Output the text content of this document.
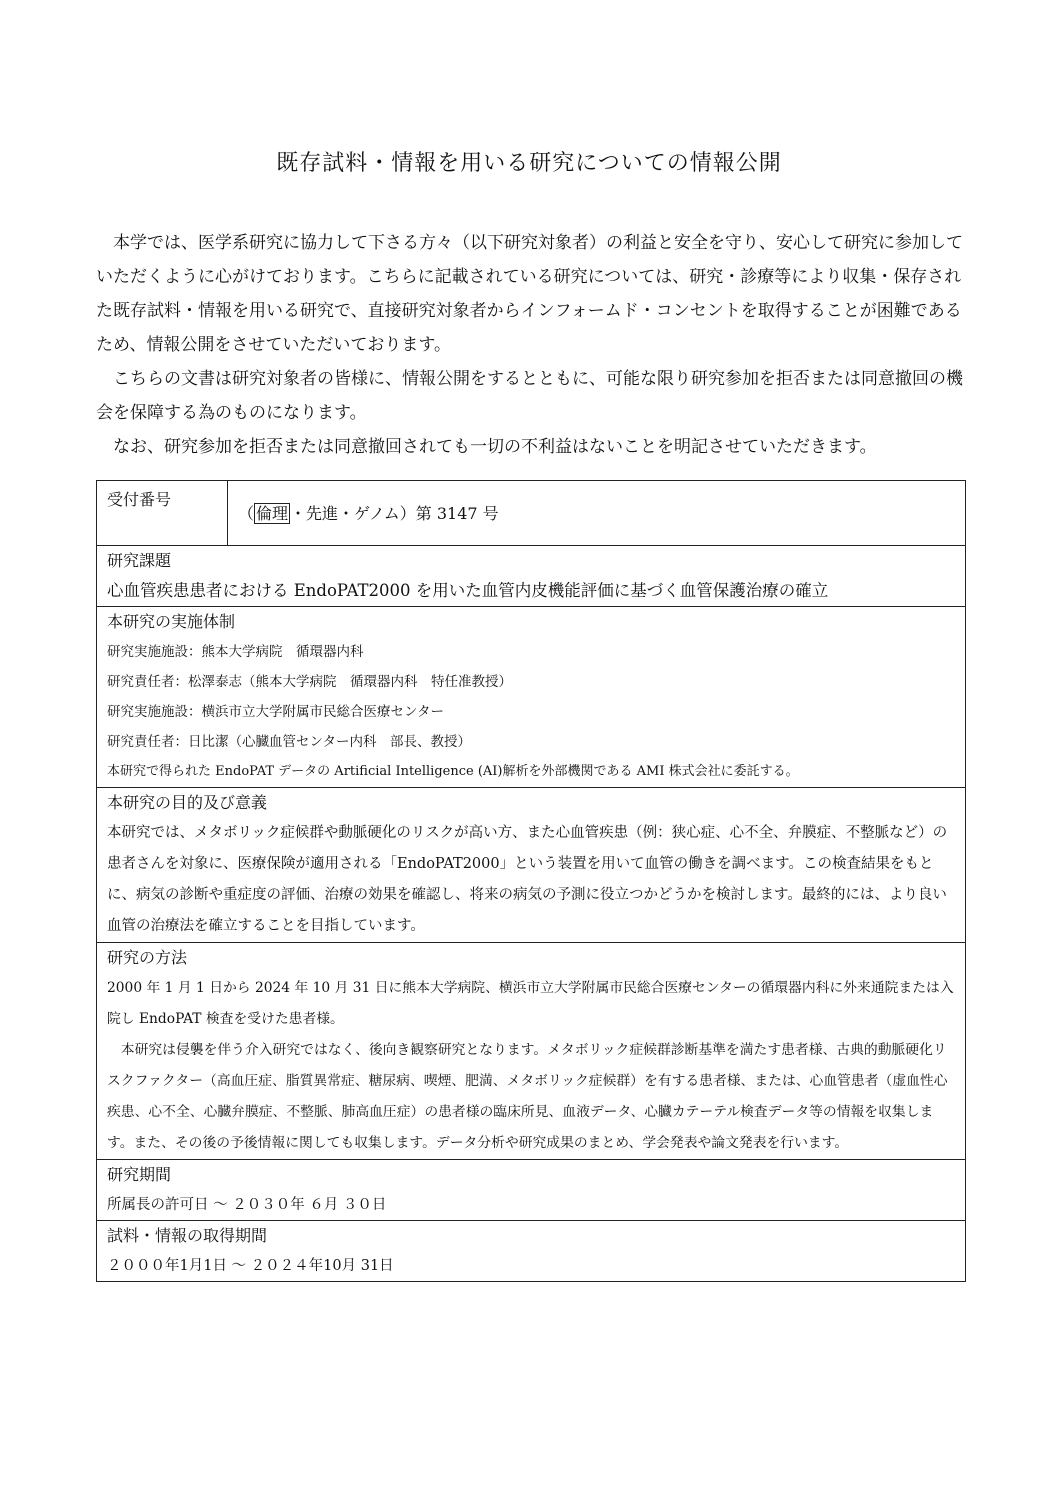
既存試料・情報を用いる研究についての情報公開

本学では、医学系研究に協力して下さる方々（以下研究対象者）の利益と安全を守り、安心して研究に参加していただくように心がけております。こちらに記載されている研究については、研究・診療等により収集・保存された既存試料・情報を用いる研究で、直接研究対象者からインフォームド・コンセントを取得することが困難であるため、情報公開をさせていただいております。

こちらの文書は研究対象者の皆様に、情報公開をするとともに、可能な限り研究参加を拒否または同意撤回の機会を保障する為のものになります。

なお、研究参加を拒否または同意撤回されても一切の不利益はないことを明記させていただきます。

受付番号	（ 倫理 ・先進・ゲノム）第 3147 号

研究課題
心血管疾患患者における EndoPAT2000 を用いた血管内皮機能評価に基づく血管保護治療の確立

本研究の実施体制
研究実施施設：熊本大学病院　循環器内科
研究責任者：松澤泰志（熊本大学病院　循環器内科　特任准教授）
研究実施施設：横浜市立大学附属市民総合医療センター
研究責任者：日比潔（心臓血管センター内科　部長、教授）
本研究で得られた EndoPAT データの Artificial Intelligence (AI)解析を外部機関である AMI 株式会社に委託する。

本研究の目的及び意義
本研究では、メタボリック症候群や動脈硬化のリスクが高い方、また心血管疾患（例：狭心症、心不全、弁膜症、不整脈など）の患者さんを対象に、医療保険が適用される「EndoPAT2000」という装置を用いて血管の働きを調べます。この検査結果をもとに、病気の診断や重症度の評価、治療の効果を確認し、将来の病気の予測に役立つかどうかを検討します。最終的には、より良い血管の治療法を確立することを目指しています。

研究の方法

2000 年 1 月 1 日から 2024 年 10 月 31 日に熊本大学病院、横浜市立大学附属市民総合医療センターの循環器内科に外来通院または入院し EndoPAT 検査を受けた患者様。

本研究は侵襲を伴う介入研究ではなく、後向き観察研究となります。メタボリック症候群診断基準を満たす患者様、古典的動脈硬化リスクファクター（高血圧症、脂質異常症、糖尿病、喫煙、肥満、メタボリック症候群）を有する患者様、または、心血管患者（虚血性心疾患、心不全、心臓弁膜症、不整脈、肺高血圧症）の患者様の臨床所見、血液データ、心臓カテーテル検査データ等の情報を収集します。また、その後の予後情報に関しても収集します。データ分析や研究成果のまとめ、学会発表や論文発表を行います。

研究期間
所属長の許可日 ～ ２０３０年 ６月 ３０日

試料・情報の取得期間
２０００年1月1日 ～ ２０２４年10月 31日
